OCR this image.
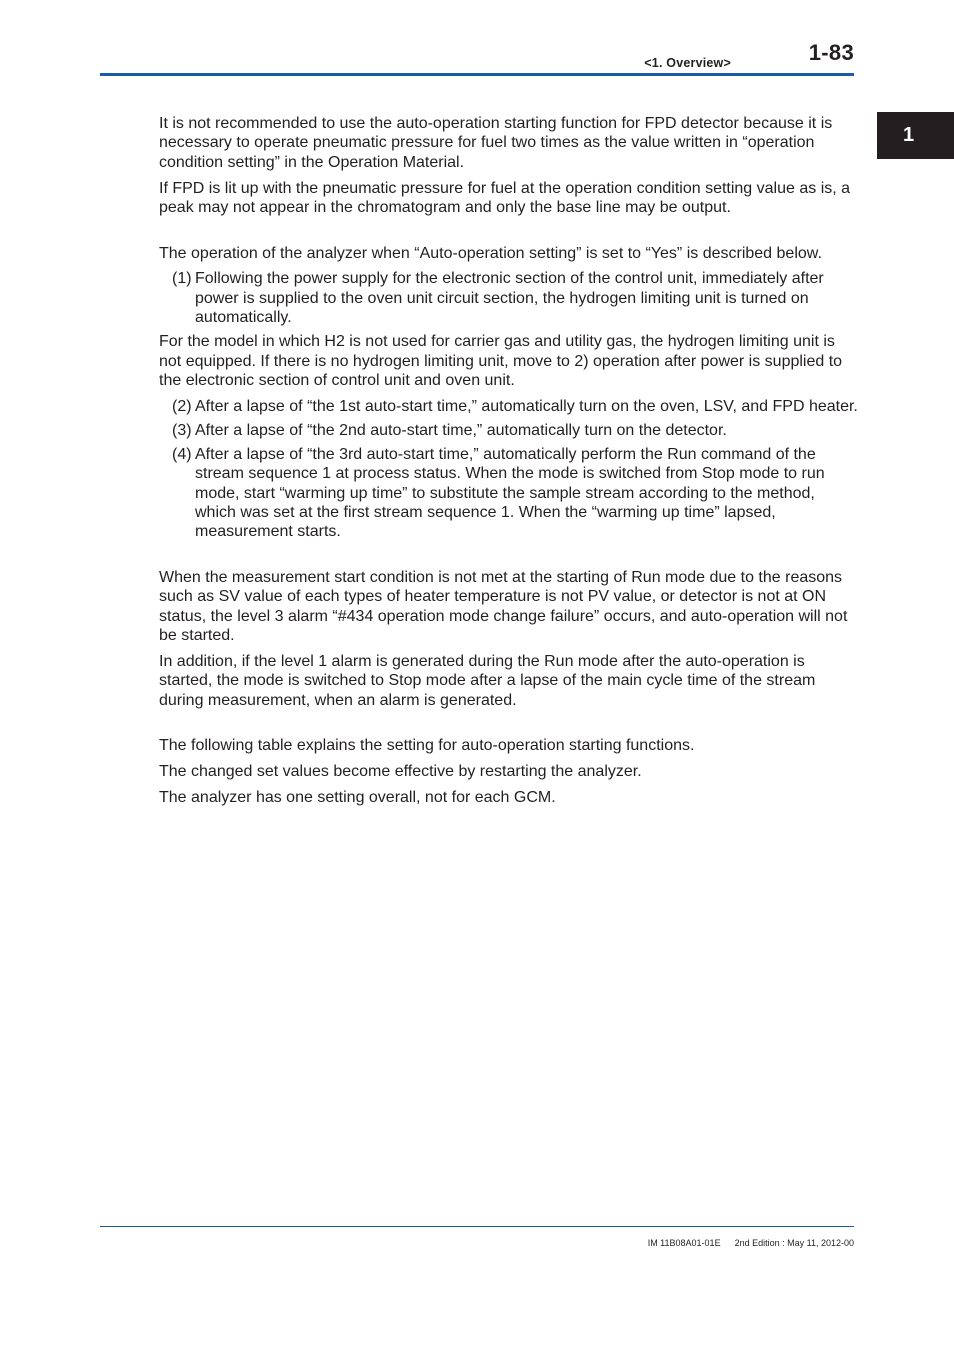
<1. Overview>	1-83
1

It is not recommended to use the auto-operation starting function for FPD detector because it is necessary to operate pneumatic pressure for fuel two times as the value written in “operation condition setting” in the Operation Material.

If FPD is lit up with the pneumatic pressure for fuel at the operation condition setting value as is, a peak may not appear in the chromatogram and only the base line may be output.

The operation of the analyzer when “Auto-operation setting” is set to “Yes” is described below.

(1) Following the power supply for the electronic section of the control unit, immediately after power is supplied to the oven unit circuit section, the hydrogen limiting unit is turned on automatically.

For the model in which H2 is not used for carrier gas and utility gas, the hydrogen limiting unit is not equipped. If there is no hydrogen limiting unit, move to 2) operation after power is supplied to the electronic section of control unit and oven unit.

(2) After a lapse of “the 1st auto-start time,” automatically turn on the oven, LSV, and FPD heater.
(3) After a lapse of “the 2nd auto-start time,” automatically turn on the detector.
(4) After a lapse of “the 3rd auto-start time,” automatically perform the Run command of the stream sequence 1 at process status. When the mode is switched from Stop mode to run mode, start “warming up time” to substitute the sample stream according to the method, which was set at the first stream sequence 1. When the “warming up time” lapsed, measurement starts.

When the measurement start condition is not met at the starting of Run mode due to the reasons such as SV value of each types of heater temperature is not PV value, or detector is not at ON status, the level 3 alarm “#434 operation mode change failure” occurs, and auto-operation will not be started.

In addition, if the level 1 alarm is generated during the Run mode after the auto-operation is started, the mode is switched to Stop mode after a lapse of the main cycle time of the stream during measurement, when an alarm is generated.

The following table explains the setting for auto-operation starting functions.

The changed set values become effective by restarting the analyzer.

The analyzer has one setting overall, not for each GCM.

IM 11B08A01-01E 2nd Edition : May 11, 2012-00
